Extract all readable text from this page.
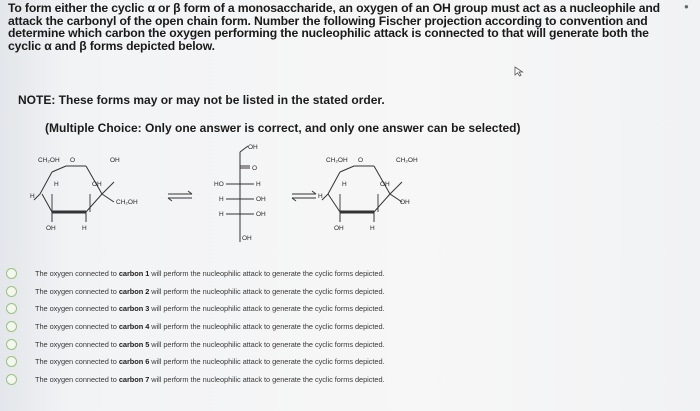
To form either the cyclic α or β form of a monosaccharide, an oxygen of an OH group must act as a nucleophile and
attack the carbonyl of the open chain form. Number the following Fischer projection according to convention and
determine which carbon the oxygen performing the nucleophilic attack is connected to that will generate both the
cyclic α and β forms depicted below.
●
NOTE: These forms may or may not be listed in the stated order.
(Multiple Choice: Only one answer is correct, and only one answer can be selected)
CH₂OH O	OH
H	OH
H
CH₂OH
OH	H
OH
O
HO	H
H	OH
H	OH
OH
CH₂OH O	CH₂OH
H	OH
H
OH
OH	H
The oxygen connected to carbon 1 will perform the nucleophilic attack to generate the cyclic forms depicted.
The oxygen connected to carbon 2 will perform the nucleophilic attack to generate the cyclic forms depicted.
The oxygen connected to carbon 3 will perform the nucleophilic attack to generate the cyclic forms depicted.
The oxygen connected to carbon 4 will perform the nucleophilic attack to generate the cyclic forms depicted.
The oxygen connected to carbon 5 will perform the nucleophilic attack to generate the cyclic forms depicted.
The oxygen connected to carbon 6 will perform the nucleophilic attack to generate the cyclic forms depicted.
The oxygen connected to carbon 7 will perform the nucleophilic attack to generate the cyclic forms depicted.
